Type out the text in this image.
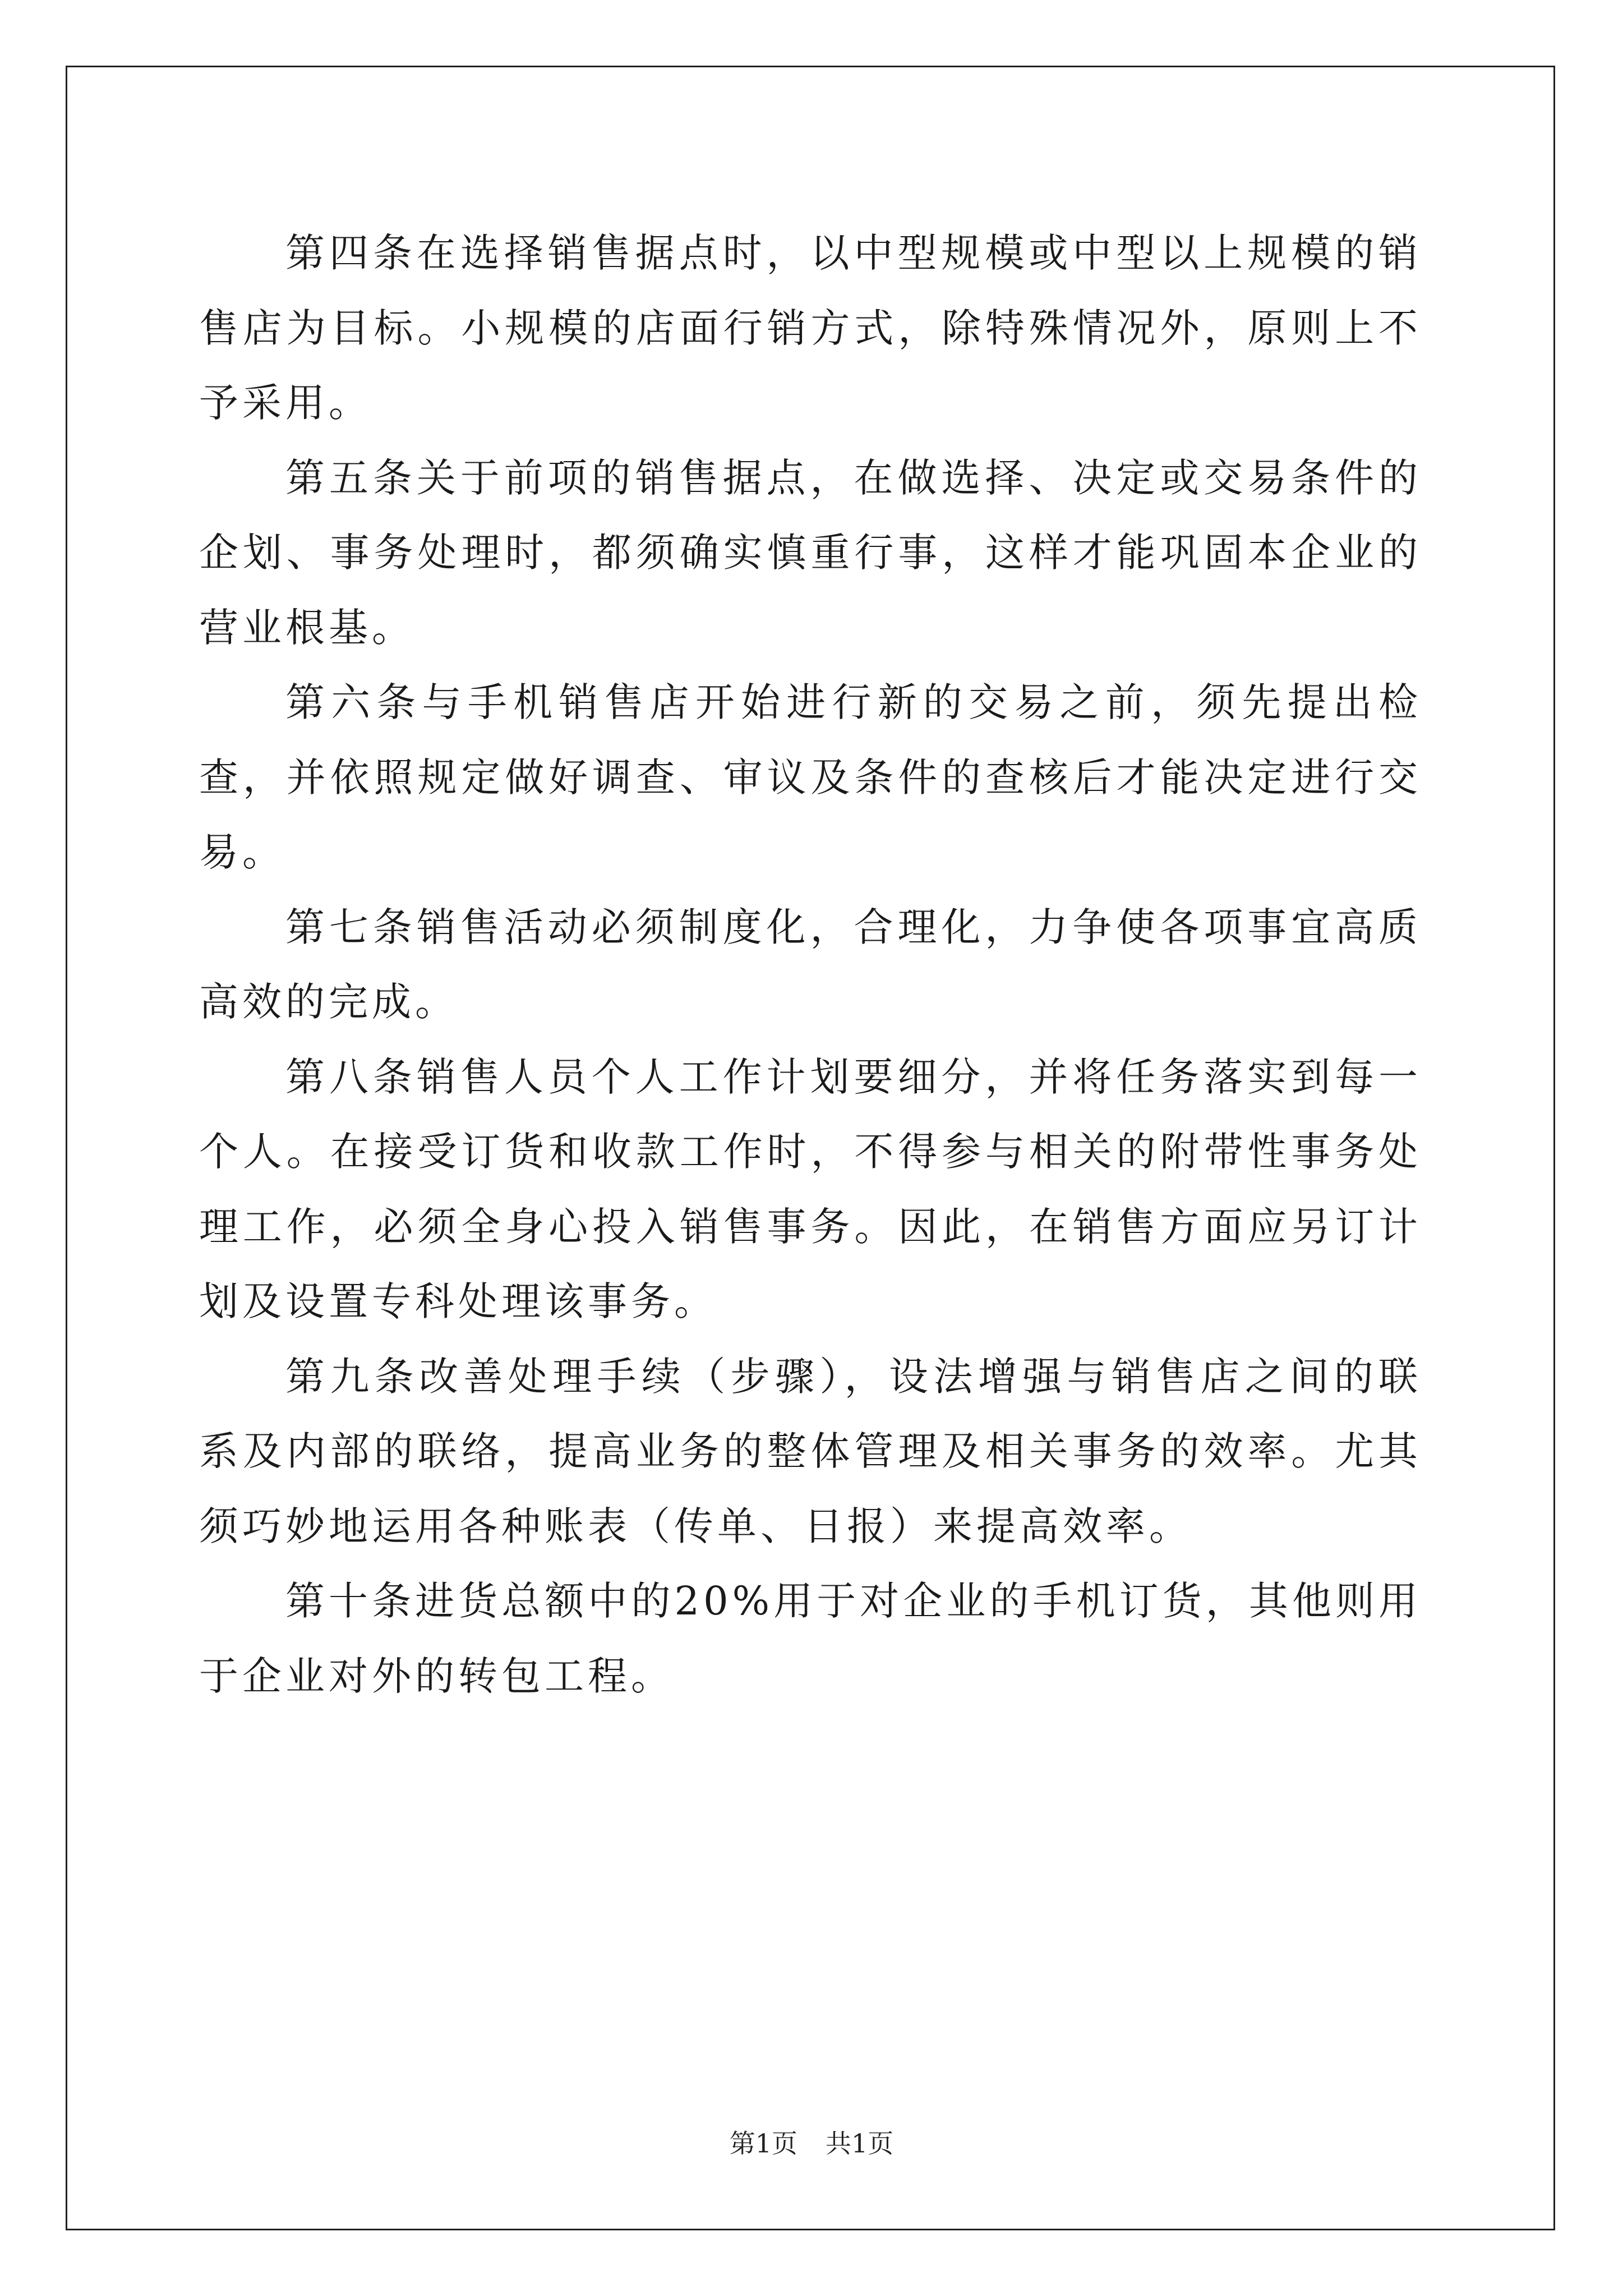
第四条在选择销售据点时，以中型规模或中型以上规模的销售店为目标。小规模的店面行销方式，除特殊情况外，原则上不予采用。

第五条关于前项的销售据点，在做选择、决定或交易条件的企划、事务处理时，都须确实慎重行事，这样才能巩固本企业的营业根基。

第六条与手机销售店开始进行新的交易之前，须先提出检查，并依照规定做好调查、审议及条件的查核后才能决定进行交易。

第七条销售活动必须制度化，合理化，力争使各项事宜高质高效的完成。

第八条销售人员个人工作计划要细分，并将任务落实到每一个人。在接受订货和收款工作时，不得参与相关的附带性事务处理工作，必须全身心投入销售事务。因此，在销售方面应另订计划及设置专科处理该事务。

第九条改善处理手续（步骤），设法增强与销售店之间的联系及内部的联络，提高业务的整体管理及相关事务的效率。尤其须巧妙地运用各种账表（传单、日报）来提高效率。

第十条进货总额中的20%用于对企业的手机订货，其他则用于企业对外的转包工程。

第1页 共1页
